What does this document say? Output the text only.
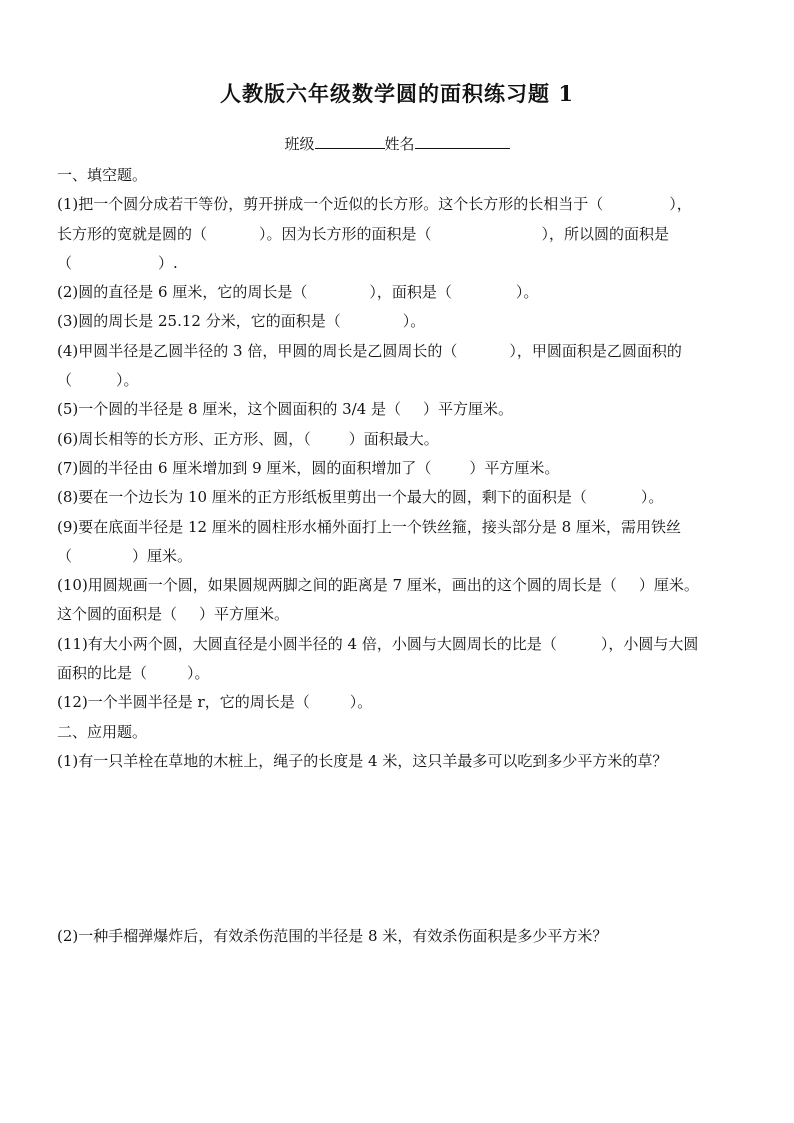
人教版六年级数学圆的面积练习题 1
班级	姓名
一、填空题。
(1)把一个圆分成若干等份，剪开拼成一个近似的长方形。这个长方形的长相当于（	），
长方形的宽就是圆的（	）。因为长方形的面积是（	），所以圆的面积是
（	）.
(2)圆的直径是 6 厘米，它的周长是（	），面积是（	）。
(3)圆的周长是 25.12 分米，它的面积是（	）。
(4)甲圆半径是乙圆半径的 3 倍，甲圆的周长是乙圆周长的（	），甲圆面积是乙圆面积的
（	）。
(5)一个圆的半径是 8 厘米，这个圆面积的 3/4 是（ ）平方厘米。
(6)周长相等的长方形、正方形、圆，（	）面积最大。
(7)圆的半径由 6 厘米增加到 9 厘米，圆的面积增加了（	）平方厘米。
(8)要在一个边长为 10 厘米的正方形纸板里剪出一个最大的圆，剩下的面积是（	）。
(9)要在底面半径是 12 厘米的圆柱形水桶外面打上一个铁丝箍，接头部分是 8 厘米，需用铁丝
（	）厘米。
(10)用圆规画一个圆，如果圆规两脚之间的距离是 7 厘米，画出的这个圆的周长是（ ）厘米。
这个圆的面积是（ ）平方厘米。
(11)有大小两个圆，大圆直径是小圆半径的 4 倍，小圆与大圆周长的比是（	），小圆与大圆
面积的比是（	）。
(12)一个半圆半径是 r，它的周长是（	）。
二、应用题。
(1)有一只羊栓在草地的木桩上，绳子的长度是 4 米，这只羊最多可以吃到多少平方米的草？
(2)一种手榴弹爆炸后，有效杀伤范围的半径是 8 米，有效杀伤面积是多少平方米？
